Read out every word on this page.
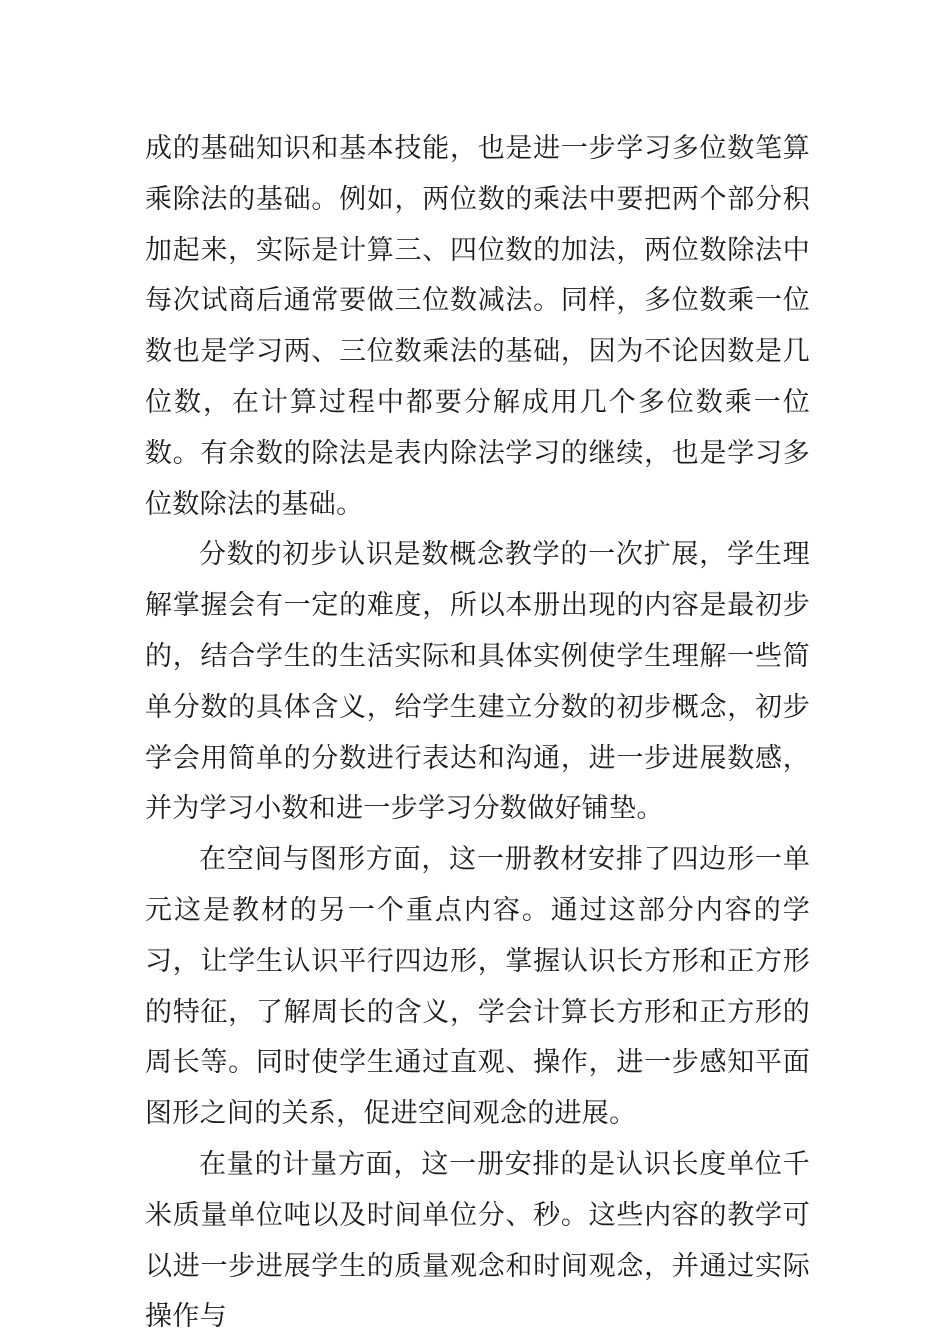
成的基础知识和基本技能，也是进一步学习多位数笔算乘除法的基础。例如，两位数的乘法中要把两个部分积加起来，实际是计算三、四位数的加法，两位数除法中每次试商后通常要做三位数减法。同样，多位数乘一位数也是学习两、三位数乘法的基础，因为不论因数是几位数，在计算过程中都要分解成用几个多位数乘一位数。有余数的除法是表内除法学习的继续，也是学习多位数除法的基础。

分数的初步认识是数概念教学的一次扩展，学生理解掌握会有一定的难度，所以本册出现的内容是最初步的，结合学生的生活实际和具体实例使学生理解一些简单分数的具体含义，给学生建立分数的初步概念，初步学会用简单的分数进行表达和沟通，进一步进展数感，并为学习小数和进一步学习分数做好铺垫。

在空间与图形方面，这一册教材安排了四边形一单元这是教材的另一个重点内容。通过这部分内容的学习，让学生认识平行四边形，掌握认识长方形和正方形的特征，了解周长的含义，学会计算长方形和正方形的周长等。同时使学生通过直观、操作，进一步感知平面图形之间的关系，促进空间观念的进展。

在量的计量方面，这一册安排的是认识长度单位千米质量单位吨以及时间单位分、秒。这些内容的教学可以进一步进展学生的质量观念和时间观念，并通过实际操作与
